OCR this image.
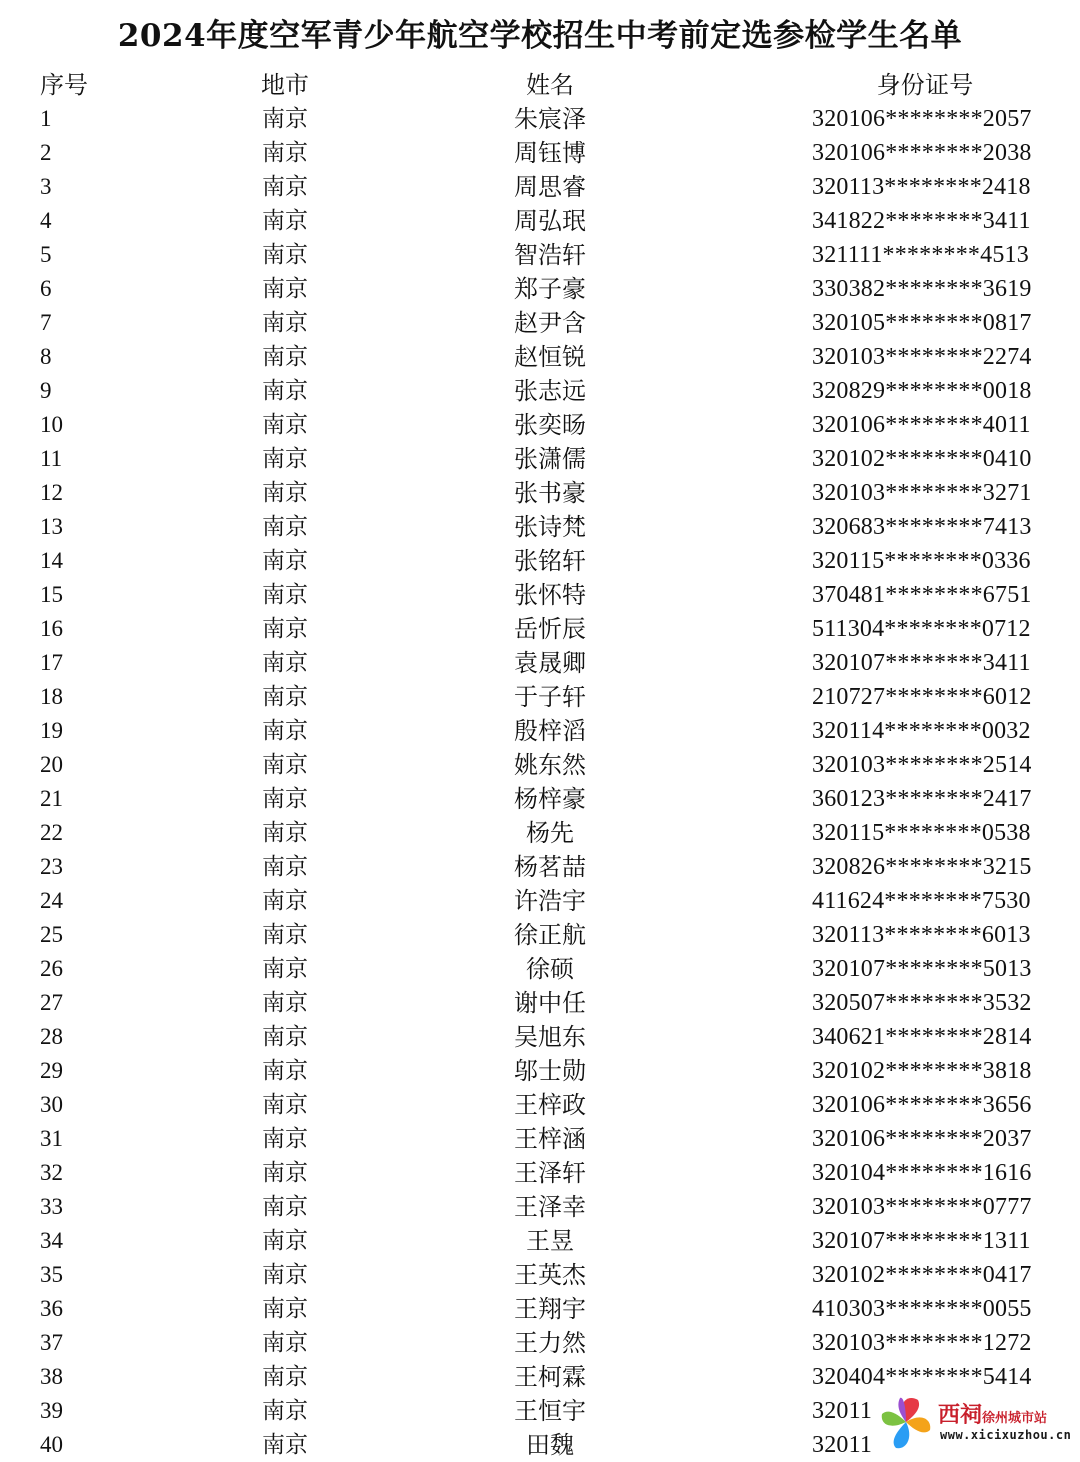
2024年度空军青少年航空学校招生中考前定选参检学生名单
序号	地市	姓名	身份证号
1	南京	朱宸泽	320106********2057
2	南京	周钰博	320106********2038
3	南京	周思睿	320113********2418
4	南京	周弘珉	341822********3411
5	南京	智浩轩	321111********4513
6	南京	郑子豪	330382********3619
7	南京	赵尹含	320105********0817
8	南京	赵恒锐	320103********2274
9	南京	张志远	320829********0018
10	南京	张奕旸	320106********4011
11	南京	张潇儒	320102********0410
12	南京	张书豪	320103********3271
13	南京	张诗梵	320683********7413
14	南京	张铭轩	320115********0336
15	南京	张怀特	370481********6751
16	南京	岳忻辰	511304********0712
17	南京	袁晟卿	320107********3411
18	南京	于子轩	210727********6012
19	南京	殷梓滔	320114********0032
20	南京	姚东然	320103********2514
21	南京	杨梓豪	360123********2417
22	南京	杨先	320115********0538
23	南京	杨茗喆	320826********3215
24	南京	许浩宇	411624********7530
25	南京	徐正航	320113********6013
26	南京	徐硕	320107********5013
27	南京	谢中任	320507********3532
28	南京	吴旭东	340621********2814
29	南京	邬士勋	320102********3818
30	南京	王梓政	320106********3656
31	南京	王梓涵	320106********2037
32	南京	王泽轩	320104********1616
33	南京	王泽幸	320103********0777
34	南京	王昱	320107********1311
35	南京	王英杰	320102********0417
36	南京	王翔宇	410303********0055
37	南京	王力然	320103********1272
38	南京	王柯霖	320404********5414
39	南京	王恒宇	32011
40	南京	田魏	32011
西祠徐州城市站
www.xicixuzhou.cn
